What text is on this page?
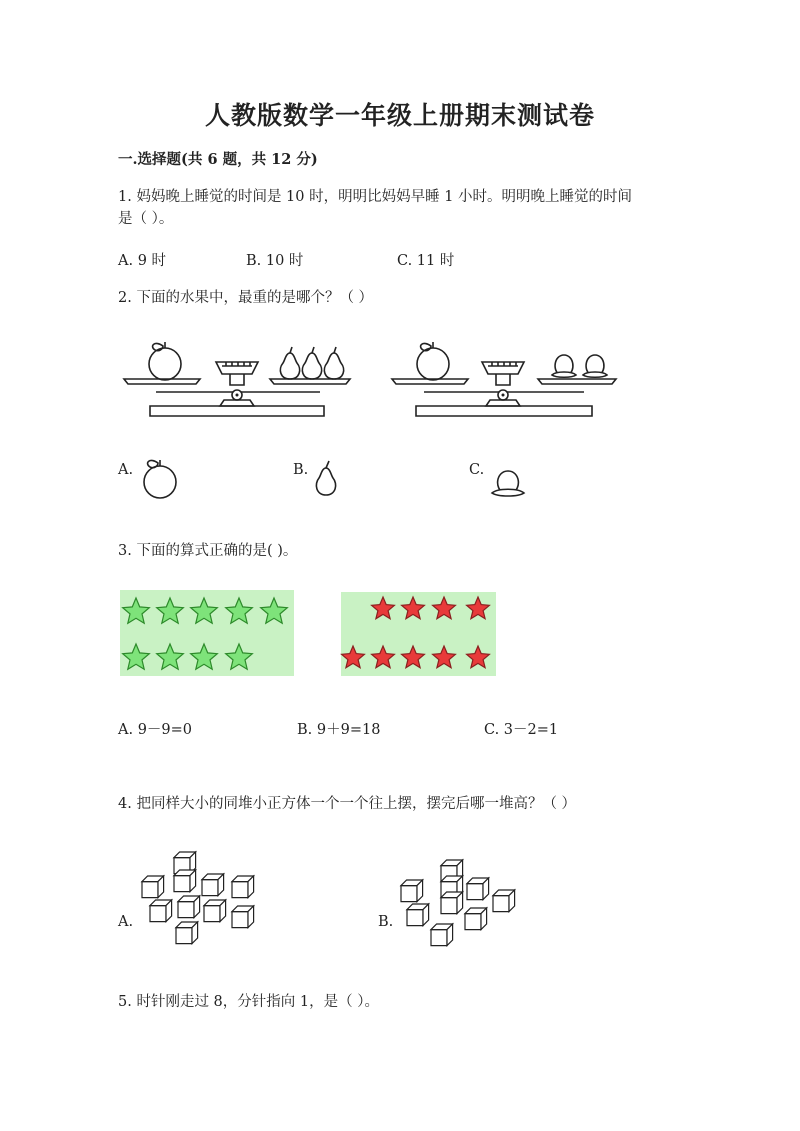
人教版数学一年级上册期末测试卷
一.选择题(共 6 题，共 12 分)
1. 妈妈晚上睡觉的时间是 10 时，明明比妈妈早睡 1 小时。明明晚上睡觉的时间
是（ ）。
A. 9 时	B. 10 时	C. 11 时
2. 下面的水果中，最重的是哪个？（ ）
A.	B.	C.
3. 下面的算式正确的是( )。
A. 9－9=0	B. 9＋9=18	C. 3－2=1
4. 把同样大小的同堆小正方体一个一个往上摆，摆完后哪一堆高？（ ）
A.	B.
5. 时针刚走过 8，分针指向 1，是（ ）。
